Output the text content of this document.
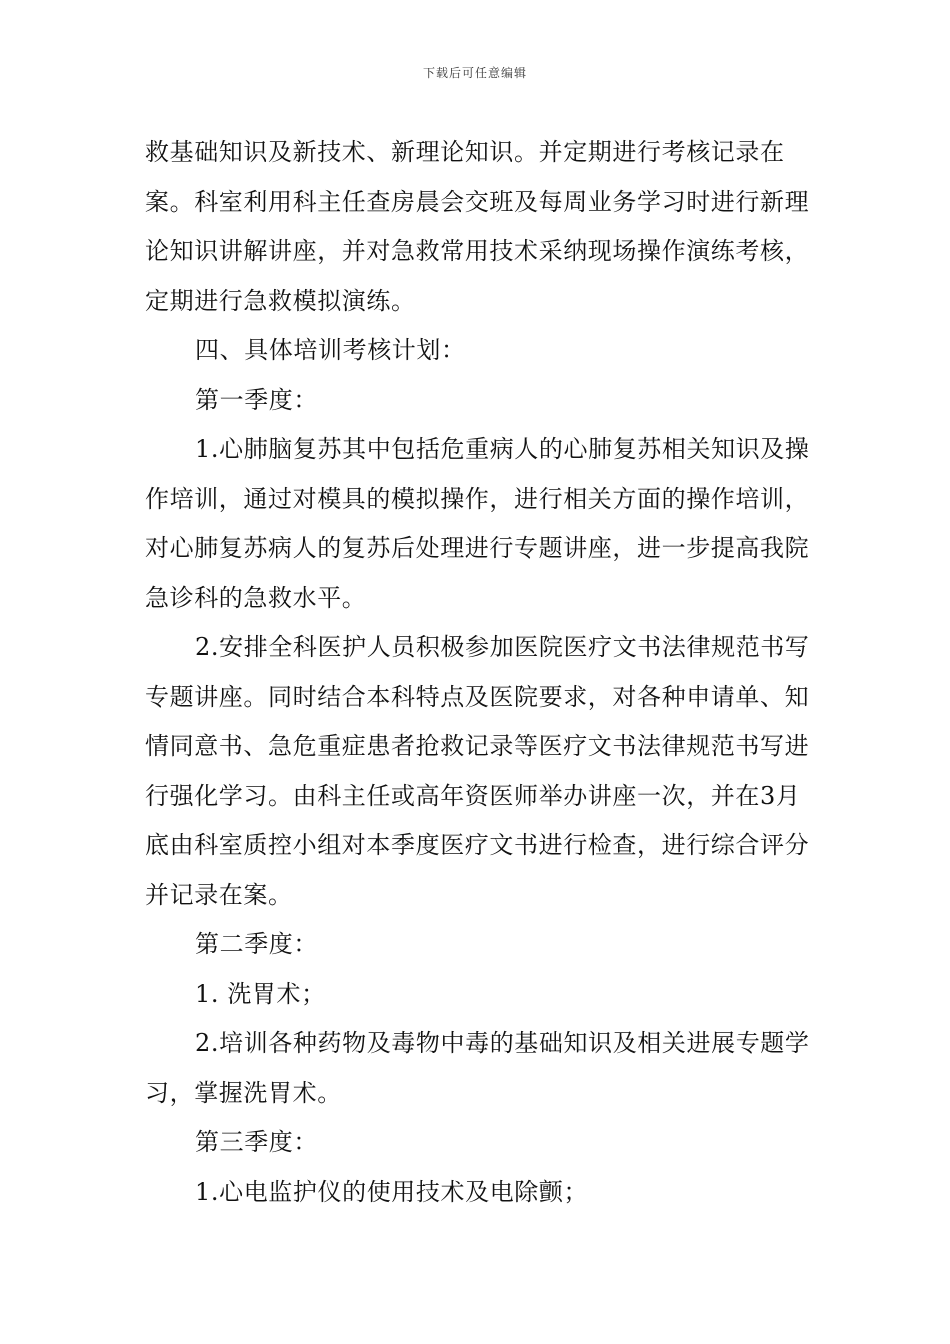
下载后可任意编辑

救基础知识及新技术、新理论知识。并定期进行考核记录在案。科室利用科主任查房晨会交班及每周业务学习时进行新理论知识讲解讲座，并对急救常用技术采纳现场操作演练考核，定期进行急救模拟演练。

四、具体培训考核计划：

第一季度：

1.心肺脑复苏其中包括危重病人的心肺复苏相关知识及操作培训，通过对模具的模拟操作，进行相关方面的操作培训，对心肺复苏病人的复苏后处理进行专题讲座，进一步提高我院急诊科的急救水平。

2.安排全科医护人员积极参加医院医疗文书法律规范书写专题讲座。同时结合本科特点及医院要求，对各种申请单、知情同意书、急危重症患者抢救记录等医疗文书法律规范书写进行强化学习。由科主任或高年资医师举办讲座一次，并在3月底由科室质控小组对本季度医疗文书进行检查，进行综合评分并记录在案。

第二季度：

1. 洗胃术；

2.培训各种药物及毒物中毒的基础知识及相关进展专题学习，掌握洗胃术。

第三季度：

1.心电监护仪的使用技术及电除颤；
